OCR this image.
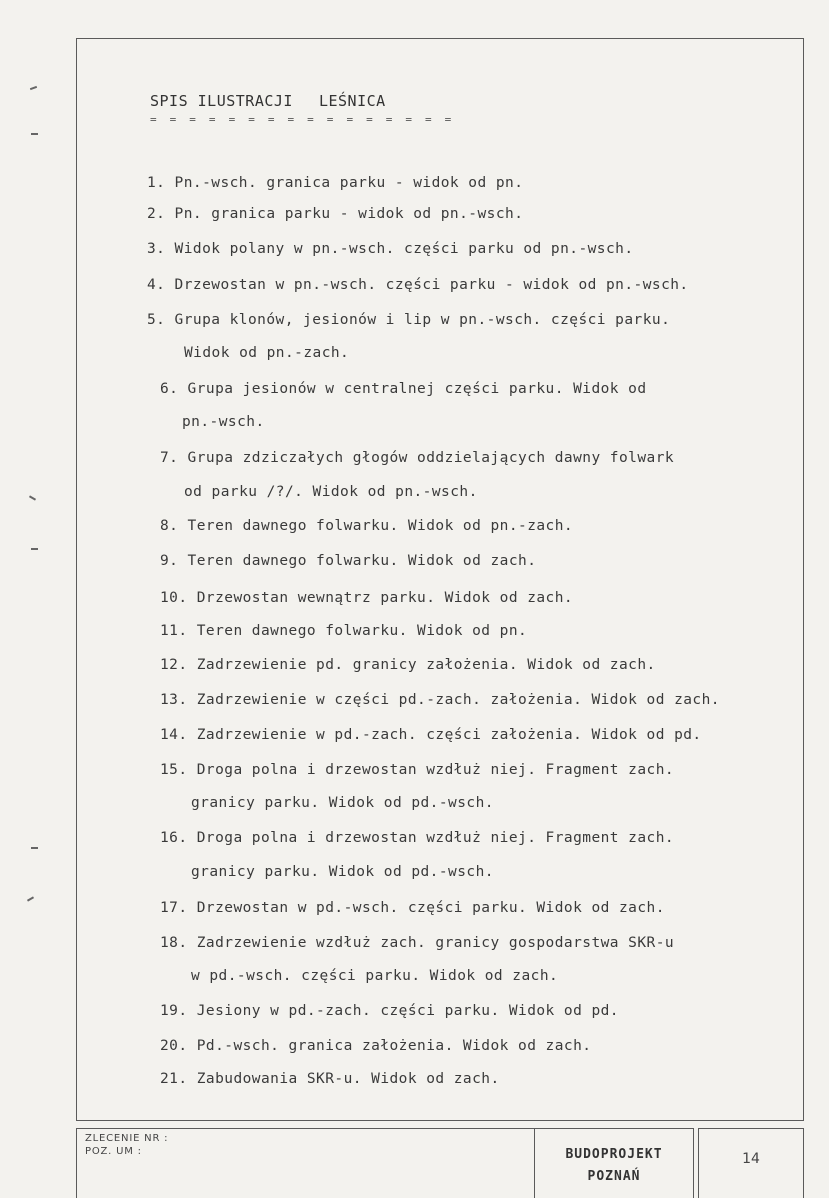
SPIS ILUSTRACJI LEŚNICA
= = = = = = = = = = = = = = = =
1. Pn.-wsch. granica parku - widok od pn.
2. Pn. granica parku - widok od pn.-wsch.
3. Widok polany w pn.-wsch. części parku od pn.-wsch.
4. Drzewostan w pn.-wsch. części parku - widok od pn.-wsch.
5. Grupa klonów, jesionów i lip w pn.-wsch. części parku.
Widok od pn.-zach.
6. Grupa jesionów w centralnej części parku. Widok od
pn.-wsch.
7. Grupa zdziczałych głogów oddzielających dawny folwark
od parku /?/. Widok od pn.-wsch.
8. Teren dawnego folwarku. Widok od pn.-zach.
9. Teren dawnego folwarku. Widok od zach.
10. Drzewostan wewnątrz parku. Widok od zach.
11. Teren dawnego folwarku. Widok od pn.
12. Zadrzewienie pd. granicy założenia. Widok od zach.
13. Zadrzewienie w części pd.-zach. założenia. Widok od zach.
14. Zadrzewienie w pd.-zach. części założenia. Widok od pd.
15. Droga polna i drzewostan wzdłuż niej. Fragment zach.
granicy parku. Widok od pd.-wsch.
16. Droga polna i drzewostan wzdłuż niej. Fragment zach.
granicy parku. Widok od pd.-wsch.
17. Drzewostan w pd.-wsch. części parku. Widok od zach.
18. Zadrzewienie wzdłuż zach. granicy gospodarstwa SKR-u
w pd.-wsch. części parku. Widok od zach.
19. Jesiony w pd.-zach. części parku. Widok od pd.
20. Pd.-wsch. granica założenia. Widok od zach.
21. Zabudowania SKR-u. Widok od zach.
ZLECENIE NR :
POZ. UM :	BUDOPROJEKT
POZNAŃ
14
